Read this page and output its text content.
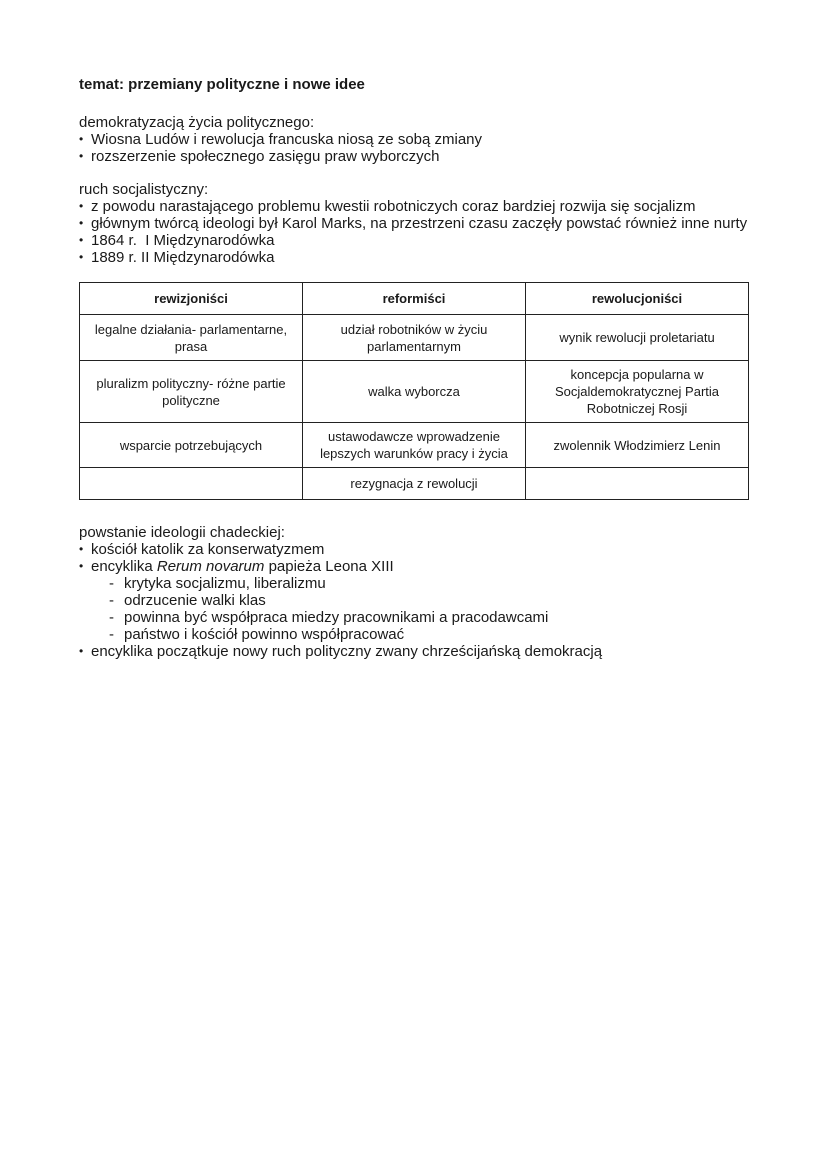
temat: przemiany polityczne i nowe idee

demokratyzacją życia politycznego:

• Wiosna Ludów i rewolucja francuska niosą ze sobą zmiany
• rozszerzenie społecznego zasięgu praw wyborczych

ruch socjalistyczny:

• z powodu narastającego problemu kwestii robotniczych coraz bardziej rozwija się socjalizm
• głównym twórcą ideologi był Karol Marks, na przestrzeni czasu zaczęły powstać również inne nurty
• 1864 r.  I Międzynarodówka
• 1889 r. II Międzynarodówka
rewizjoniści	reformiści	rewolucjoniści
legalne działania- parlamentarne, prasa	udział robotników w życiu parlamentarnym	wynik rewolucji proletariatu
pluralizm polityczny- różne partie polityczne	walka wyborcza	koncepcja popularna w Socjaldemokratycznej Partia Robotniczej Rosji
wsparcie potrzebujących	ustawodawcze wprowadzenie lepszych warunków pracy i życia	zwolennik Włodzimierz Lenin
	rezygnacja z rewolucji	

powstanie ideologii chadeckiej:

• kościół katolik za konserwatyzmem
• encyklika Rerum novarum papieża Leona XIII
- krytyka socjalizmu, liberalizmu
- odrzucenie walki klas
- powinna być współpraca miedzy pracownikami a pracodawcami
- państwo i kościół powinno współpracować
• encyklika początkuje nowy ruch polityczny zwany chrześcijańską demokracją
